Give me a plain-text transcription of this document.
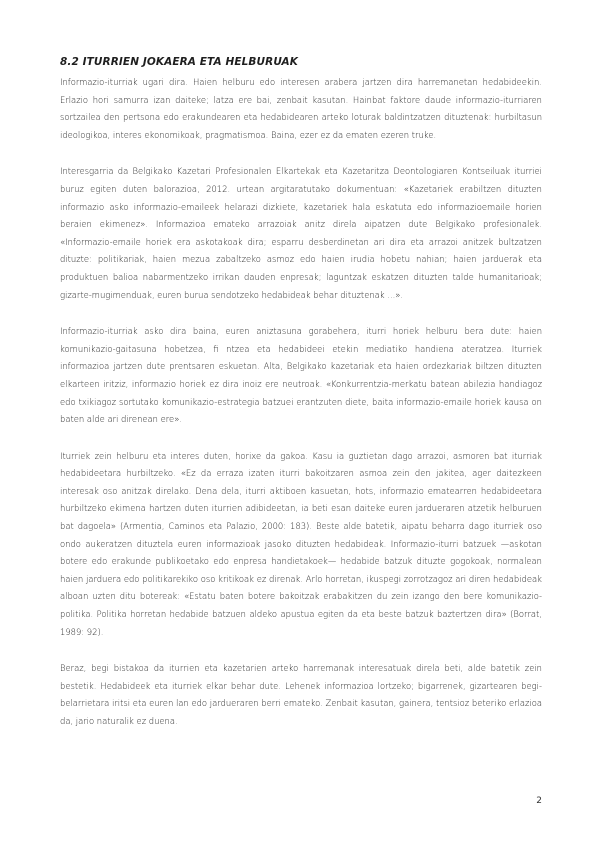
8.2 ITURRIEN JOKAERA ETA HELBURUAK

Informazio-iturriak ugari dira. Haien helburu edo interesen arabera jartzen dira harremanetan hedabideekin. Erlazio hori samurra izan daiteke; latza ere bai, zenbait kasutan. Hainbat faktore daude informazio-iturriaren sortzailea den pertsona edo erakundearen eta hedabidearen arteko loturak baldintzatzen dituztenak: hurbiltasun ideologikoa, interes ekonomikoak, pragmatismoa. Baina, ezer ez da ematen ezeren truke.

Interesgarria da Belgikako Kazetari Profesionalen Elkartekak eta Kazetaritza Deontologiaren Kontseiluak iturriei buruz egiten duten balorazioa, 2012. urtean argitaratutako dokumentuan: «Kazetariek erabiltzen dituzten informazio asko informazio-emaileek helarazi dizkiete, kazetariek hala eskatuta edo informazioemaile horien beraien ekimenez». Informazioa emateko arrazoiak anitz direla aipatzen dute Belgikako profesionalek. «Informazio-emaile horiek era askotakoak dira; esparru desberdinetan ari dira eta arrazoi anitzek bultzatzen dituzte: politikariak, haien mezua zabaltzeko asmoz edo haien irudia hobetu nahian; haien jarduerak eta produktuen balioa nabarmentzeko irrikan dauden enpresak; laguntzak eskatzen dituzten talde humanitarioak; gizarte-mugimenduak, euren burua sendotzeko hedabideak behar dituztenak ...».

Informazio-iturriak asko dira baina, euren aniztasuna gorabehera, iturri horiek helburu bera dute: haien komunikazio-gaitasuna hobetzea, fi ntzea eta hedabideei etekin mediatiko handiena ateratzea. Iturriek informazioa jartzen dute prentsaren eskuetan. Alta, Belgikako kazetariak eta haien ordezkariak biltzen dituzten elkarteen iritziz, informazio horiek ez dira inoiz ere neutroak. «Konkurrentzia-merkatu batean abilezia handiagoz edo txikiagoz sortutako komunikazio-estrategia batzuei erantzuten diete, baita informazio-emaile horiek kausa on baten alde ari direnean ere».

Iturriek zein helburu eta interes duten, horixe da gakoa. Kasu ia guztietan dago arrazoi, asmoren bat iturriak hedabideetara hurbiltzeko. «Ez da erraza izaten iturri bakoitzaren asmoa zein den jakitea, ager daitezkeen interesak oso anitzak direlako. Dena dela, iturri aktiboen kasuetan, hots, informazio ematearren hedabideetara hurbiltzeko ekimena hartzen duten iturrien adibideetan, ia beti esan daiteke euren jardueraren atzetik helburuen bat dagoela» (Armentia, Caminos eta Palazio, 2000: 183). Beste alde batetik, aipatu beharra dago iturriek oso ondo aukeratzen dituztela euren informazioak jasoko dituzten hedabideak. Informazio-iturri batzuek —askotan botere edo erakunde publikoetako edo enpresa handietakoek— hedabide batzuk dituzte gogokoak, normalean haien jarduera edo politikarekiko oso kritikoak ez direnak. Arlo horretan, ikuspegi zorrotzagoz ari diren hedabideak alboan uzten ditu botereak: «Estatu baten botere bakoitzak erabakitzen du zein izango den bere komunikazio-politika. Politika horretan hedabide batzuen aldeko apustua egiten da eta beste batzuk baztertzen dira» (Borrat, 1989: 92).

Beraz, begi bistakoa da iturrien eta kazetarien arteko harremanak interesatuak direla beti, alde batetik zein bestetik. Hedabideek eta iturriek elkar behar dute. Lehenek informazioa lortzeko; bigarrenek, gizartearen begi-belarrietara iritsi eta euren lan edo jardueraren berri emateko. Zenbait kasutan, gainera, tentsioz beteriko erlazioa da, jario naturalik ez duena.

2
